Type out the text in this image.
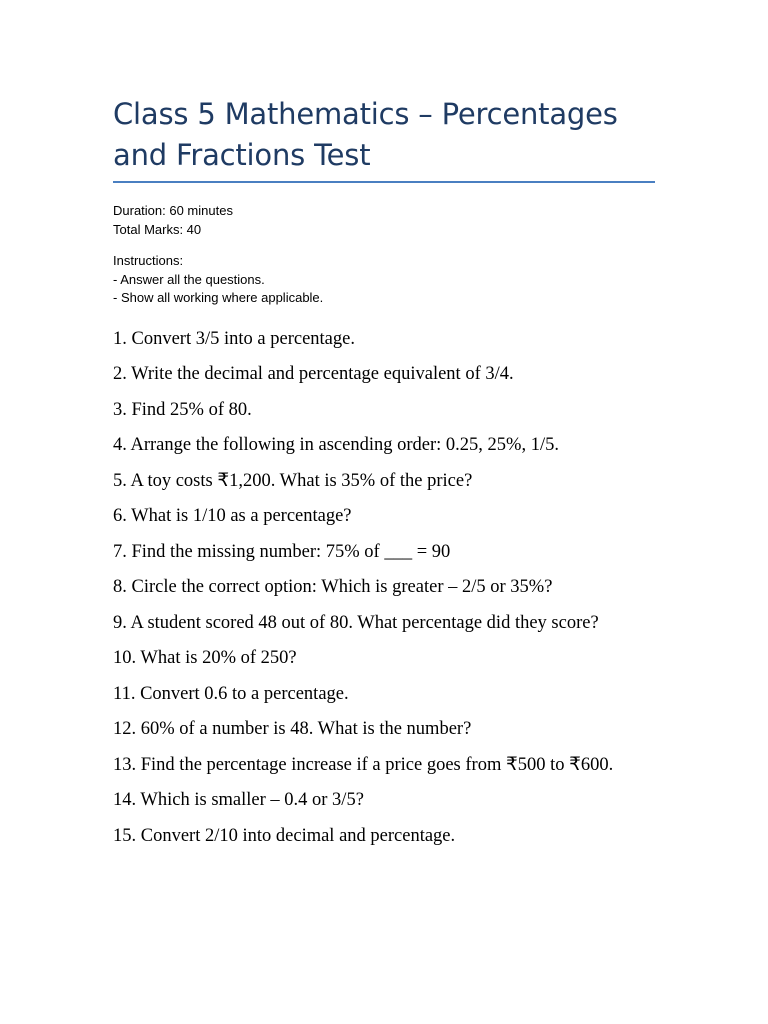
Class 5 Mathematics – Percentages and Fractions Test
Duration: 60 minutes
Total Marks: 40
Instructions:
- Answer all the questions.
- Show all working where applicable.
1. Convert 3/5 into a percentage.
2. Write the decimal and percentage equivalent of 3/4.
3. Find 25% of 80.
4. Arrange the following in ascending order: 0.25, 25%, 1/5.
5. A toy costs ₹1,200. What is 35% of the price?
6. What is 1/10 as a percentage?
7. Find the missing number: 75% of ___ = 90
8. Circle the correct option: Which is greater – 2/5 or 35%?
9. A student scored 48 out of 80. What percentage did they score?
10. What is 20% of 250?
11. Convert 0.6 to a percentage.
12. 60% of a number is 48. What is the number?
13. Find the percentage increase if a price goes from ₹500 to ₹600.
14. Which is smaller – 0.4 or 3/5?
15. Convert 2/10 into decimal and percentage.
